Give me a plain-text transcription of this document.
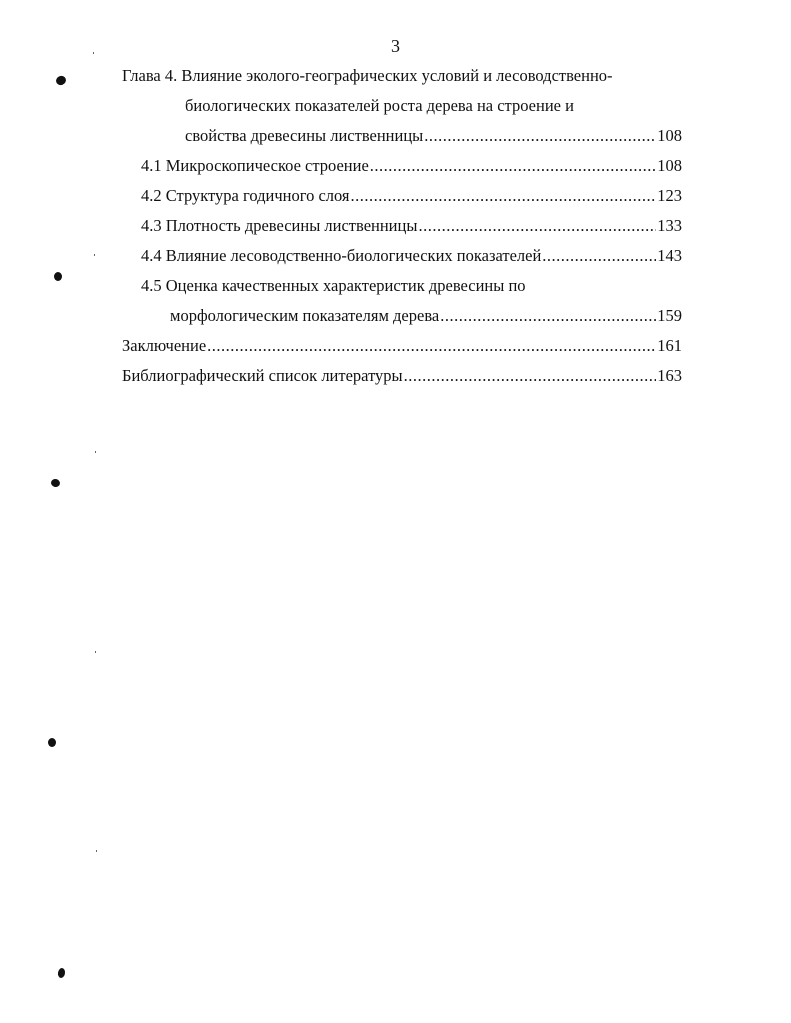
3
Глава 4. Влияние эколого-географических условий и лесоводственно-
биологических показателей роста дерева на строение и
свойства древесины лиственницы .....	108
4.1 Микроскопическое строение .....	108
4.2 Структура годичного слоя .....	123
4.3 Плотность древесины лиственницы .....	133
4.4 Влияние лесоводственно-биологических показателей .....	143
4.5 Оценка качественных характеристик древесины по
морфологическим показателям дерева .....	159
Заключение .....	161
Библиографический список литературы .....	163
